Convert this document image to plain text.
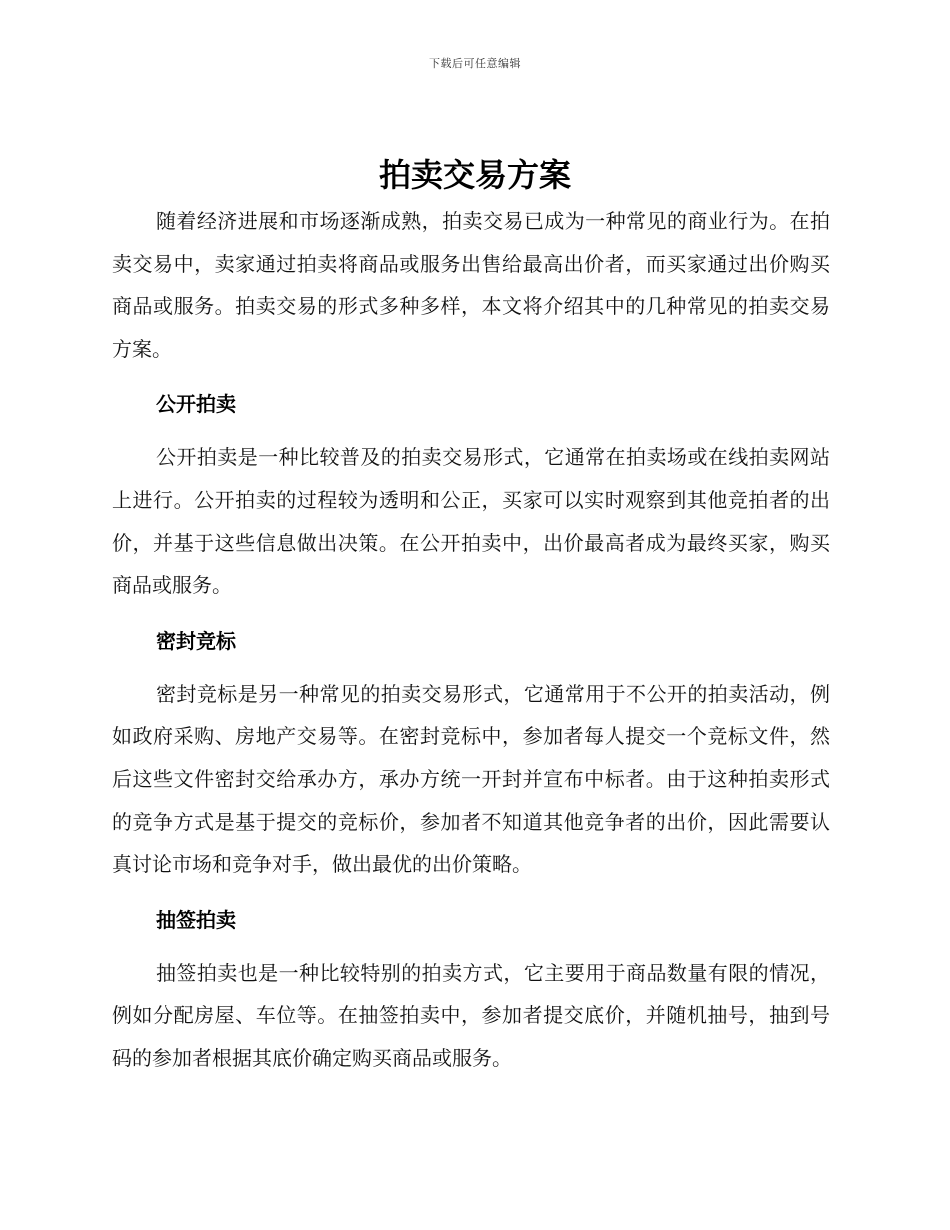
下载后可任意编辑
拍卖交易方案

随着经济进展和市场逐渐成熟，拍卖交易已成为一种常见的商业行为。在拍卖交易中，卖家通过拍卖将商品或服务出售给最高出价者，而买家通过出价购买商品或服务。拍卖交易的形式多种多样，本文将介绍其中的几种常见的拍卖交易方案。

公开拍卖

公开拍卖是一种比较普及的拍卖交易形式，它通常在拍卖场或在线拍卖网站上进行。公开拍卖的过程较为透明和公正，买家可以实时观察到其他竞拍者的出价，并基于这些信息做出决策。在公开拍卖中，出价最高者成为最终买家，购买商品或服务。

密封竞标

密封竞标是另一种常见的拍卖交易形式，它通常用于不公开的拍卖活动，例如政府采购、房地产交易等。在密封竞标中，参加者每人提交一个竞标文件，然后这些文件密封交给承办方，承办方统一开封并宣布中标者。由于这种拍卖形式的竞争方式是基于提交的竞标价，参加者不知道其他竞争者的出价，因此需要认真讨论市场和竞争对手，做出最优的出价策略。

抽签拍卖

抽签拍卖也是一种比较特别的拍卖方式，它主要用于商品数量有限的情况，例如分配房屋、车位等。在抽签拍卖中，参加者提交底价，并随机抽号，抽到号码的参加者根据其底价确定购买商品或服务。
